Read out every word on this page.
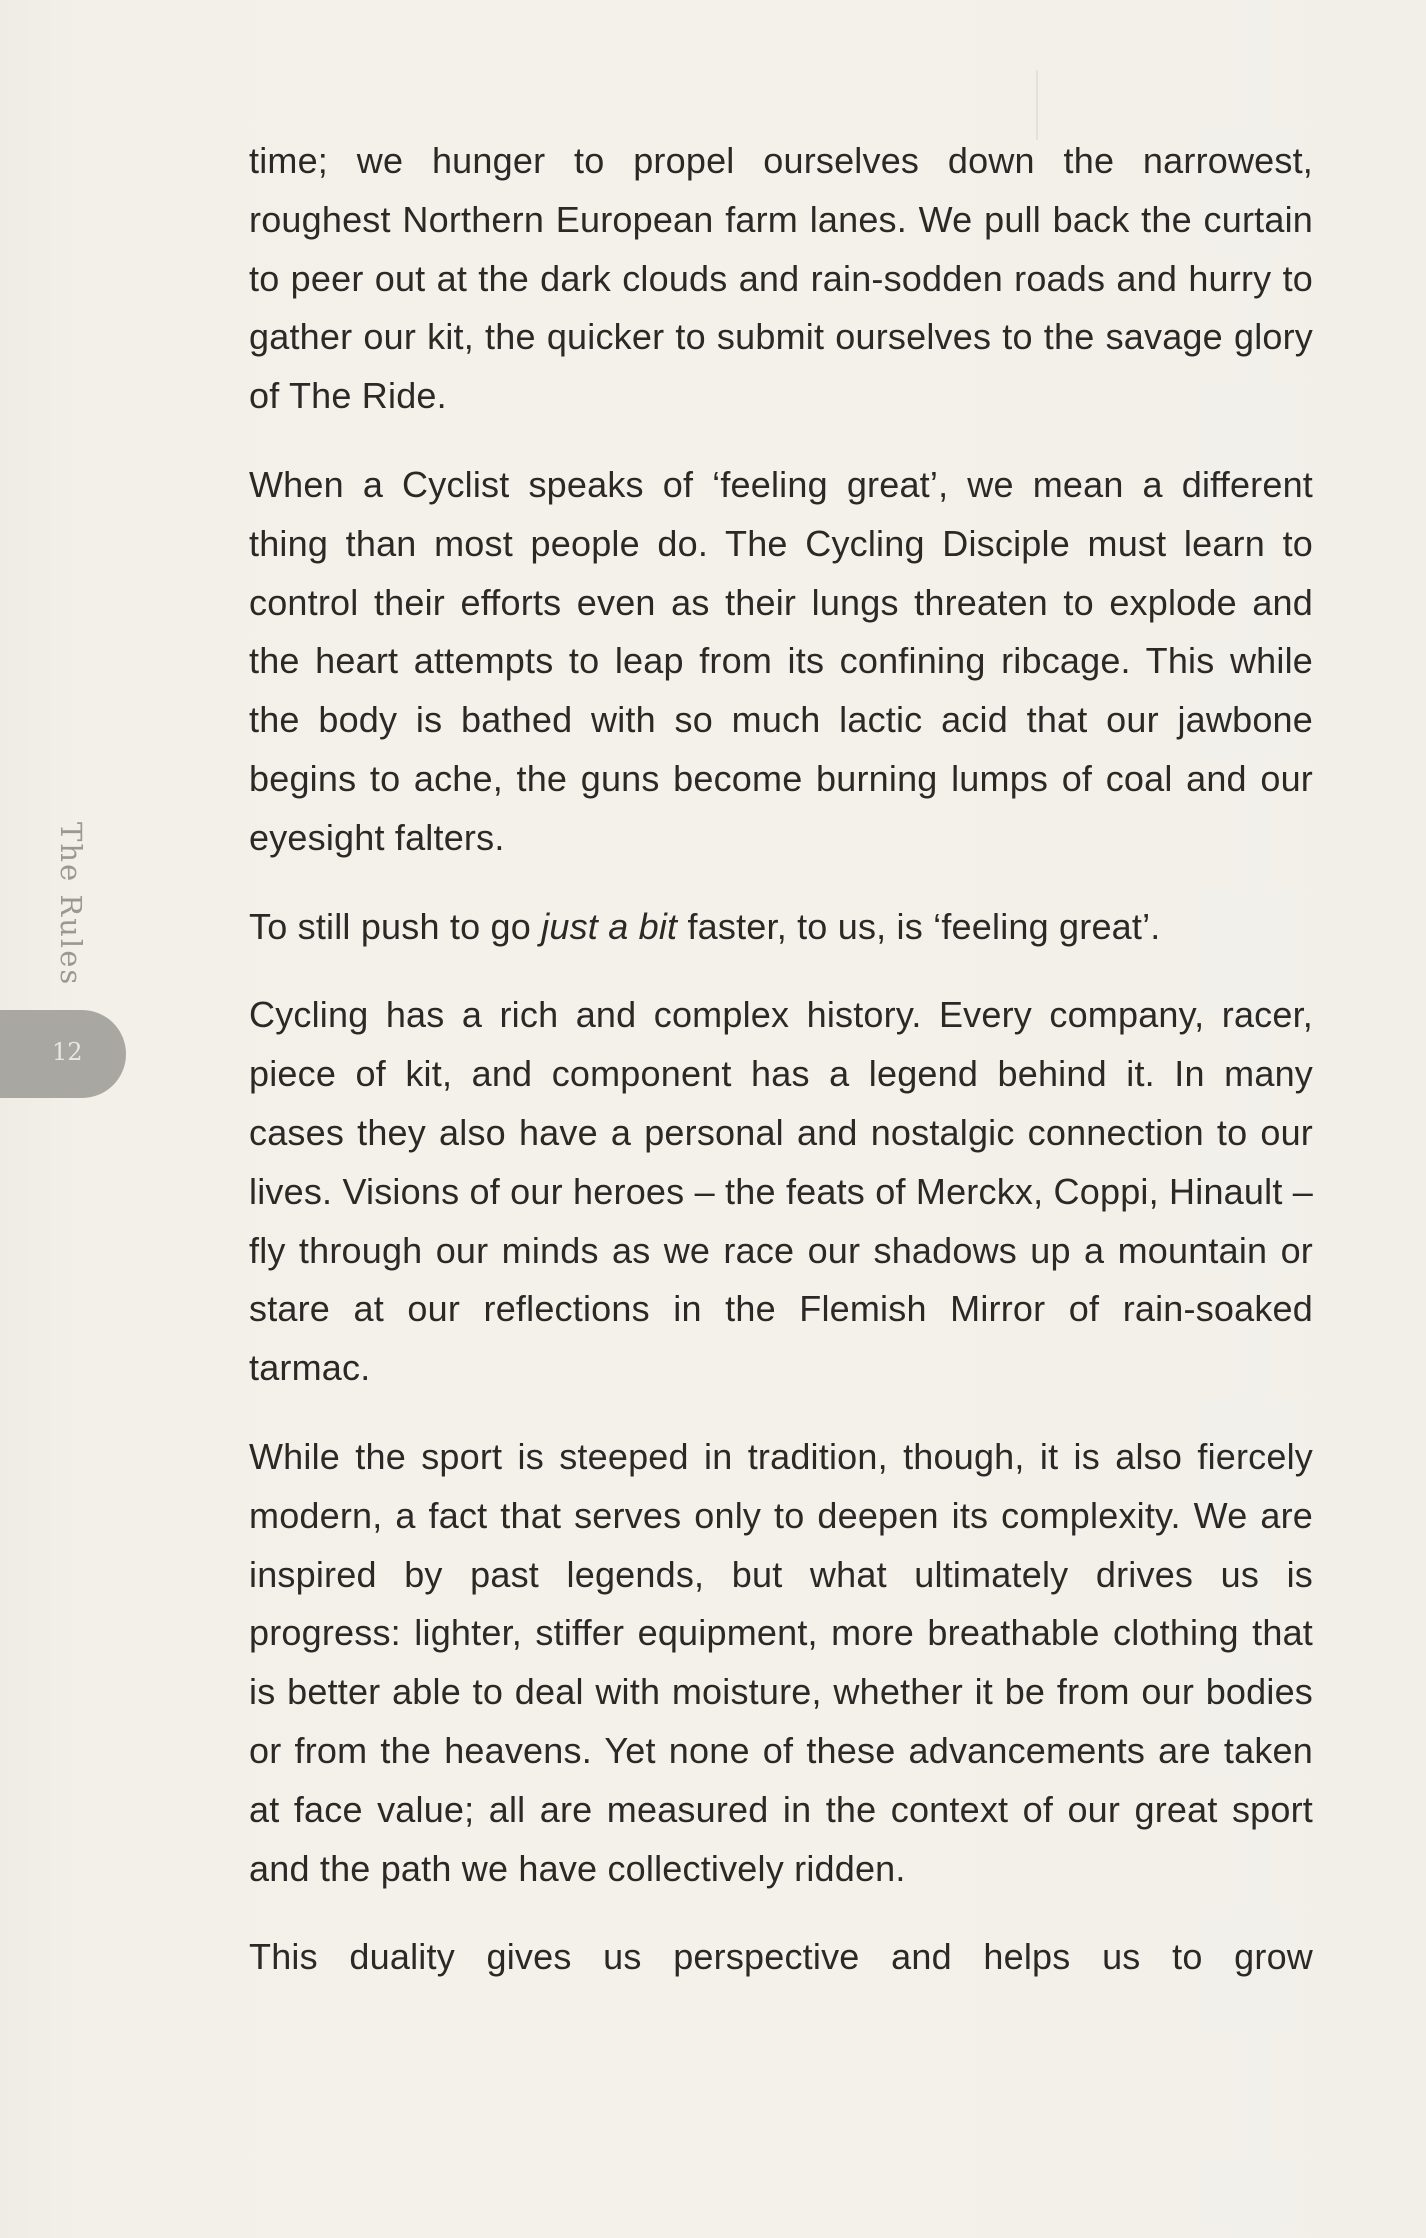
The Rules
12

time; we hunger to propel ourselves down the narrowest, roughest Northern European farm lanes. We pull back the curtain to peer out at the dark clouds and rain-sodden roads and hurry to gather our kit, the quicker to submit ourselves to the savage glory of The Ride.

When a Cyclist speaks of ‘feeling great’, we mean a different thing than most people do. The Cycling Disciple must learn to control their efforts even as their lungs threaten to explode and the heart attempts to leap from its confining ribcage. This while the body is bathed with so much lactic acid that our jawbone begins to ache, the guns become burning lumps of coal and our eyesight falters.

To still push to go just a bit faster, to us, is ‘feeling great’.

Cycling has a rich and complex history. Every company, racer, piece of kit, and component has a legend behind it. In many cases they also have a personal and nostalgic connection to our lives. Visions of our heroes – the feats of Merckx, Coppi, Hinault – fly through our minds as we race our shadows up a mountain or stare at our reflections in the Flemish Mirror of rain-soaked tarmac.

While the sport is steeped in tradition, though, it is also fiercely modern, a fact that serves only to deepen its complexity. We are inspired by past legends, but what ultimately drives us is progress: lighter, stiffer equipment, more breathable clothing that is better able to deal with moisture, whether it be from our bodies or from the heavens. Yet none of these advancements are taken at face value; all are measured in the context of our great sport and the path we have collectively ridden.

This duality gives us perspective and helps us to grow
